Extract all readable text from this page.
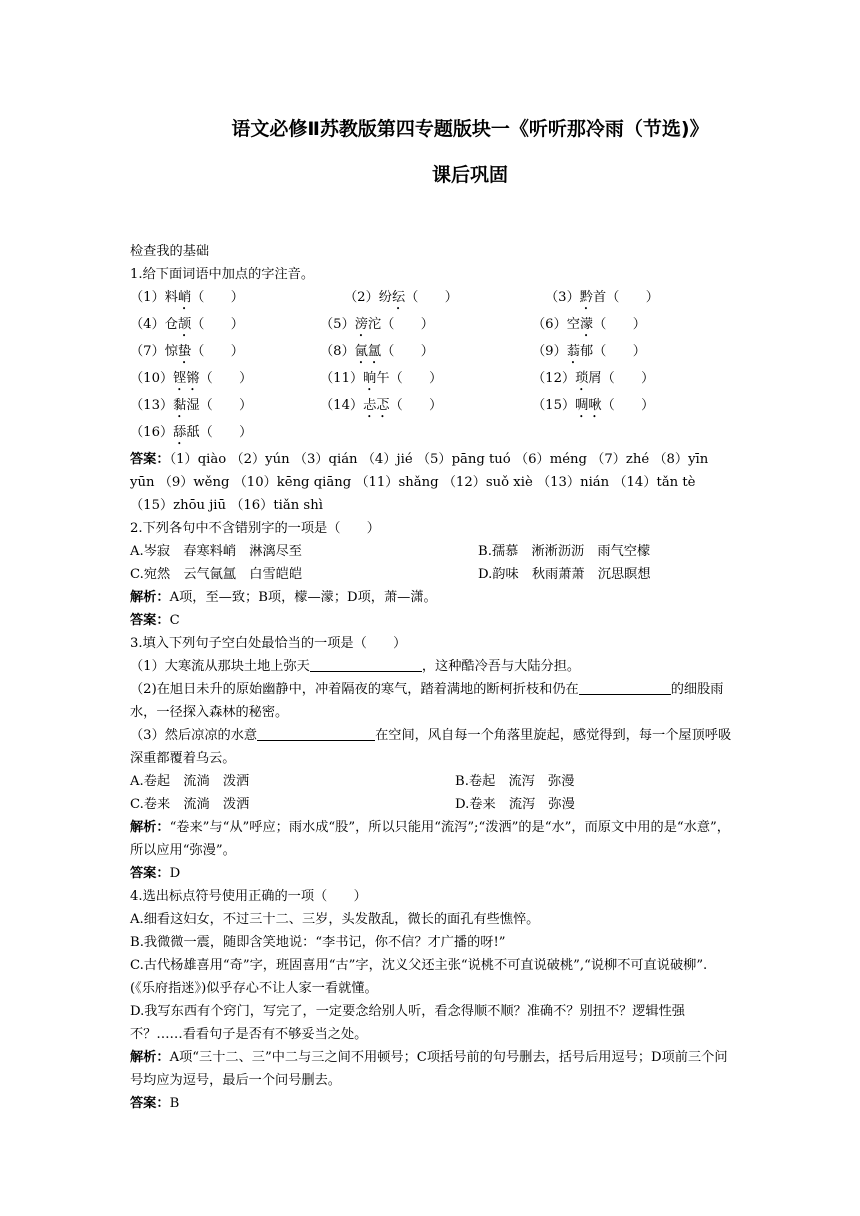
语文必修Ⅱ苏教版第四专题版块一《听听那冷雨（节选)》
课后巩固
检查我的基础
1.给下面词语中加点的字注音。
（1）料峭（　　）	（2）纷纭（　　）	（3）黔首（　　）
（4）仓颉（　　）	（5）滂沱（　　）	（6）空濛（　　）
（7）惊蛰（　　）	（8）氤氲（　　）	（9）蓊郁（　　）
（10）铿锵（　　）	（11）晌午（　　）	（12）琐屑（　　）
（13）黏湿（　　）	（14）忐忑（　　）	（15）啁啾（　　）
（16）舔舐（　　）
答案：（1）qiào （2）yún （3）qián （4）jié （5）pāng tuó （6）méng （7）zhé （8）yīn yūn （9）wěng （10）kēng qiāng （11）shǎng （12）suǒ xiè （13）nián （14）tǎn tè （15）zhōu jiū （16）tiǎn shì
2.下列各句中不含错别字的一项是（　　）
A.岑寂　春寒料峭　淋漓尽至	B.孺慕　淅淅沥沥　雨气空檬
C.宛然　云气氤氲　白雪皑皑	D.韵味　秋雨萧萧　沉思瞑想
解析：A项，至—致；B项，檬—濛；D项，萧—潇。
答案：C
3.填入下列句子空白处最恰当的一项是（　　）
（1）大寒流从那块土地上弥天	，这种酷冷吾与大陆分担。
（2)在旭日未升的原始幽静中，冲着隔夜的寒气，踏着满地的断柯折枝和仍在	的细股雨水，一径探入森林的秘密。
（3）然后凉凉的水意	在空间，风自每一个角落里旋起，感觉得到，每一个屋顶呼吸深重都覆着乌云。
A.卷起　流淌　泼洒	B.卷起　流泻　弥漫
C.卷来　流淌　泼洒	D.卷来　流泻　弥漫
解析：“卷来”与“从”呼应；雨水成“股”，所以只能用“流泻”;“泼洒”的是“水”，而原文中用的是“水意”，所以应用“弥漫”。
答案：D
4.选出标点符号使用正确的一项（　　）
A.细看这妇女，不过三十二、三岁，头发散乱，微长的面孔有些憔悴。
B.我微微一震，随即含笑地说：“李书记，你不信？才广播的呀!”
C.古代杨雄喜用“奇”字，班固喜用“古”字，沈义父还主张“说桃不可直说破桃”,“说柳不可直说破柳”.(《乐府指迷》)似乎存心不让人家一看就懂。
D.我写东西有个窍门，写完了，一定要念给别人听，看念得顺不顺？准确不？别扭不？逻辑性强不？……看看句子是否有不够妥当之处。
解析：A项“三十二、三”中二与三之间不用顿号；C项括号前的句号删去，括号后用逗号；D项前三个问号均应为逗号，最后一个问号删去。
答案：B
